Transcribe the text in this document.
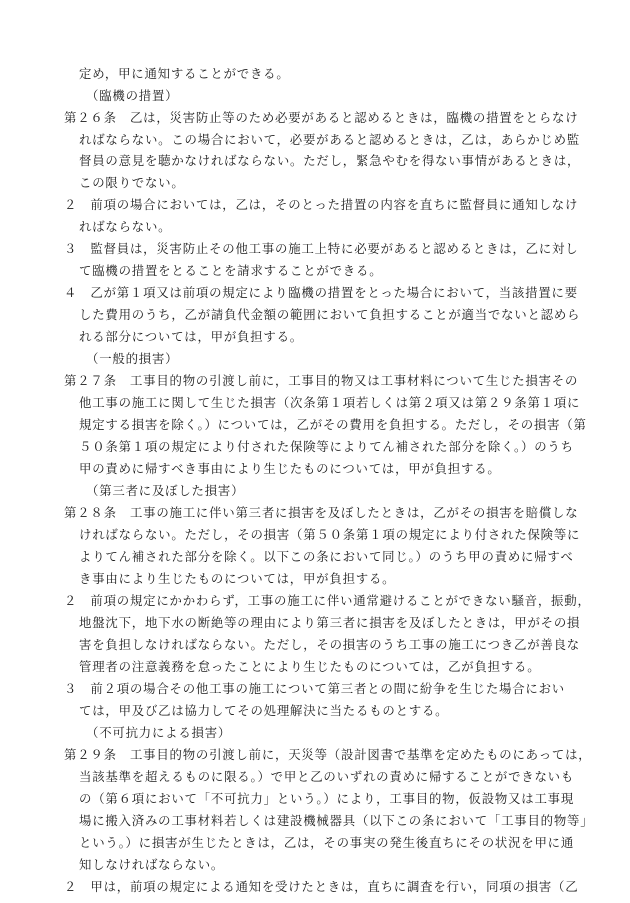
定め，甲に通知することができる。
（臨機の措置）
第２６条　乙は，災害防止等のため必要があると認めるときは，臨機の措置をとらなけ
ればならない。この場合において，必要があると認めるときは，乙は，あらかじめ監
督員の意見を聴かなければならない。ただし，緊急やむを得ない事情があるときは，
この限りでない。
２　前項の場合においては，乙は，そのとった措置の内容を直ちに監督員に通知しなけ
ればならない。
３　監督員は，災害防止その他工事の施工上特に必要があると認めるときは，乙に対し
て臨機の措置をとることを請求することができる。
４　乙が第１項又は前項の規定により臨機の措置をとった場合において，当該措置に要
した費用のうち，乙が請負代金額の範囲において負担することが適当でないと認めら
れる部分については，甲が負担する。
（一般的損害）
第２７条　工事目的物の引渡し前に，工事目的物又は工事材料について生じた損害その
他工事の施工に関して生じた損害（次条第１項若しくは第２項又は第２９条第１項に
規定する損害を除く。）については，乙がその費用を負担する。ただし，その損害（第
５０条第１項の規定により付された保険等によりてん補された部分を除く。）のうち
甲の責めに帰すべき事由により生じたものについては，甲が負担する。
（第三者に及ぼした損害）
第２８条　工事の施工に伴い第三者に損害を及ぼしたときは，乙がその損害を賠償しな
ければならない。ただし，その損害（第５０条第１項の規定により付された保険等に
よりてん補された部分を除く。以下この条において同じ。）のうち甲の責めに帰すべ
き事由により生じたものについては，甲が負担する。
２　前項の規定にかかわらず，工事の施工に伴い通常避けることができない騒音，振動，
地盤沈下，地下水の断絶等の理由により第三者に損害を及ぼしたときは，甲がその損
害を負担しなければならない。ただし，その損害のうち工事の施工につき乙が善良な
管理者の注意義務を怠ったことにより生じたものについては，乙が負担する。
３　前２項の場合その他工事の施工について第三者との間に紛争を生じた場合におい
ては，甲及び乙は協力してその処理解決に当たるものとする。
（不可抗力による損害）
第２９条　工事目的物の引渡し前に，天災等（設計図書で基準を定めたものにあっては，
当該基準を超えるものに限る。）で甲と乙のいずれの責めに帰することができないも
の（第６項において「不可抗力」という。）により，工事目的物，仮設物又は工事現
場に搬入済みの工事材料若しくは建設機械器具（以下この条において「工事目的物等」
という。）に損害が生じたときは，乙は，その事実の発生後直ちにその状況を甲に通
知しなければならない。
２　甲は，前項の規定による通知を受けたときは，直ちに調査を行い，同項の損害（乙
